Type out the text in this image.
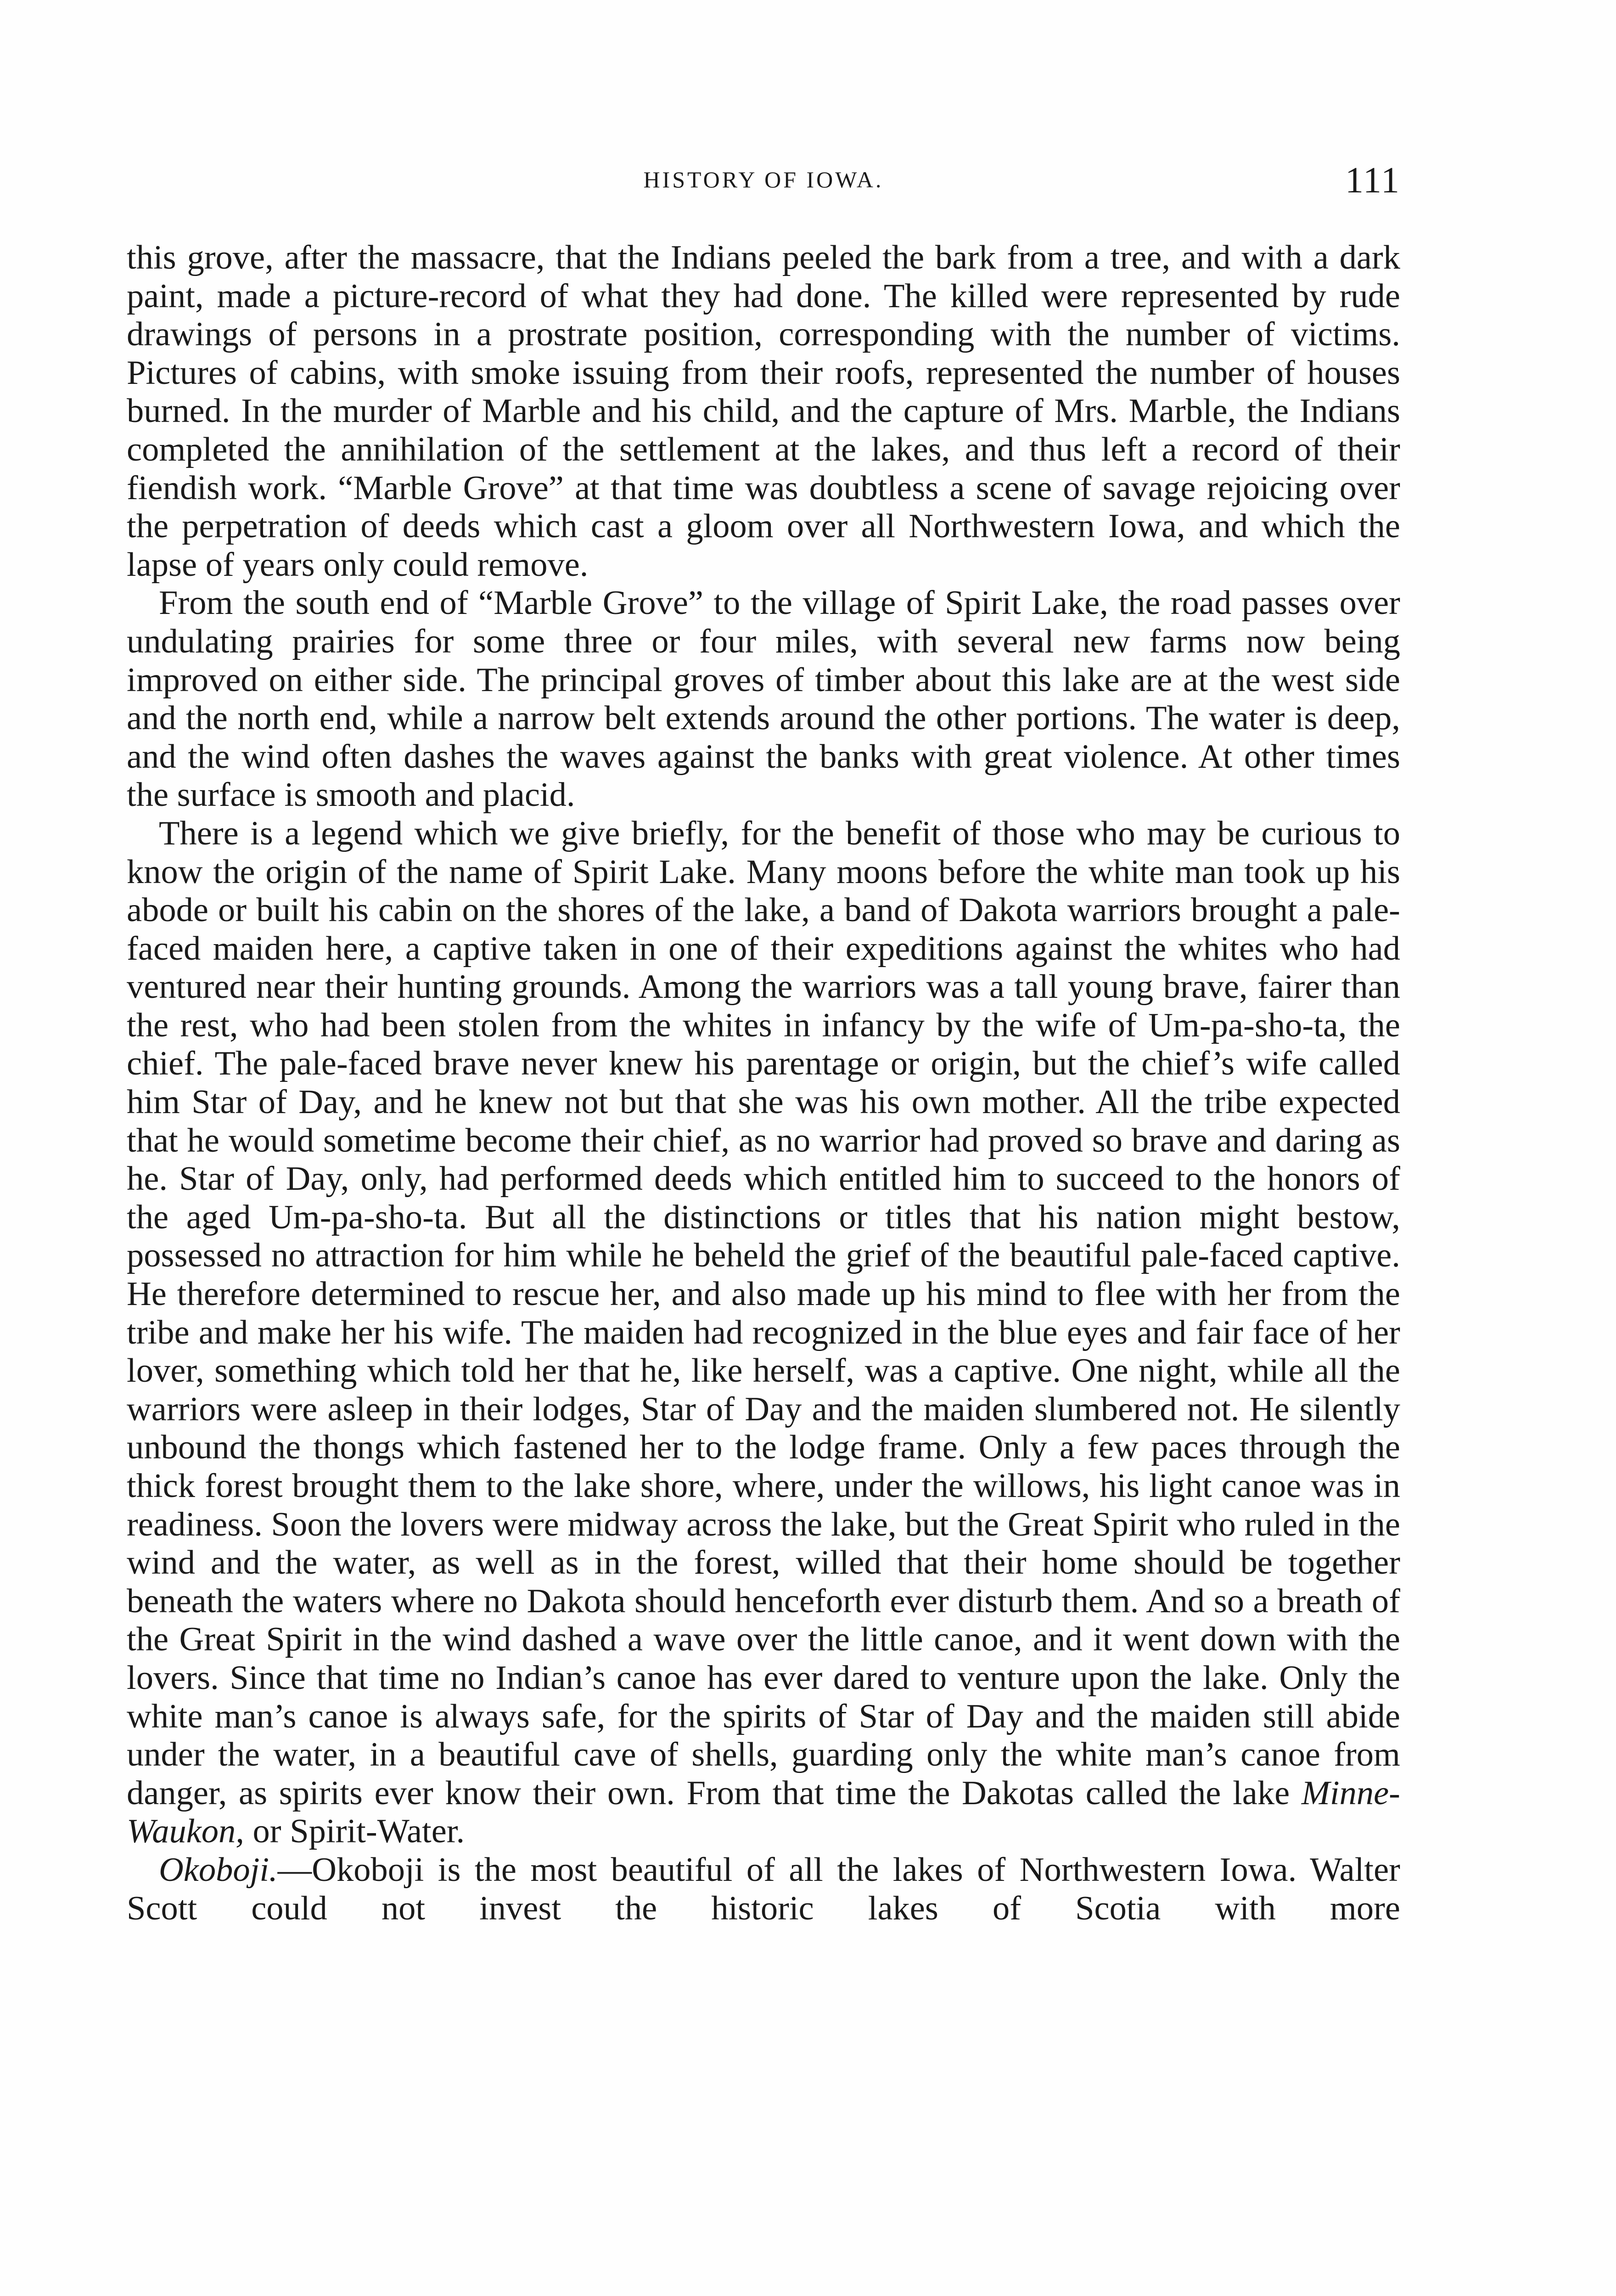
HISTORY OF IOWA.	111

this grove, after the massacre, that the Indians peeled the bark from a tree, and with a dark paint, made a picture-record of what they had done. The killed were represented by rude drawings of persons in a prostrate position, corresponding with the number of victims. Pictures of cabins, with smoke issuing from their roofs, represented the number of houses burned. In the murder of Marble and his child, and the capture of Mrs. Marble, the Indians completed the annihilation of the settlement at the lakes, and thus left a record of their fiendish work. “Marble Grove” at that time was doubtless a scene of savage rejoicing over the perpetration of deeds which cast a gloom over all Northwestern Iowa, and which the lapse of years only could remove.

From the south end of “Marble Grove” to the village of Spirit Lake, the road passes over undulating prairies for some three or four miles, with several new farms now being improved on either side. The principal groves of timber about this lake are at the west side and the north end, while a narrow belt extends around the other portions. The water is deep, and the wind often dashes the waves against the banks with great violence. At other times the surface is smooth and placid.

There is a legend which we give briefly, for the benefit of those who may be curious to know the origin of the name of Spirit Lake. Many moons before the white man took up his abode or built his cabin on the shores of the lake, a band of Dakota warriors brought a pale-faced maiden here, a captive taken in one of their expeditions against the whites who had ventured near their hunting grounds. Among the warriors was a tall young brave, fairer than the rest, who had been stolen from the whites in infancy by the wife of Um-pa-sho-ta, the chief. The pale-faced brave never knew his parentage or origin, but the chief’s wife called him Star of Day, and he knew not but that she was his own mother. All the tribe expected that he would sometime become their chief, as no warrior had proved so brave and daring as he. Star of Day, only, had performed deeds which entitled him to succeed to the honors of the aged Um-pa-sho-ta. But all the distinctions or titles that his nation might bestow, possessed no attraction for him while he beheld the grief of the beautiful pale-faced captive. He therefore determined to rescue her, and also made up his mind to flee with her from the tribe and make her his wife. The maiden had recognized in the blue eyes and fair face of her lover, something which told her that he, like herself, was a captive. One night, while all the warriors were asleep in their lodges, Star of Day and the maiden slumbered not. He silently unbound the thongs which fastened her to the lodge frame. Only a few paces through the thick forest brought them to the lake shore, where, under the willows, his light canoe was in readiness. Soon the lovers were midway across the lake, but the Great Spirit who ruled in the wind and the water, as well as in the forest, willed that their home should be together beneath the waters where no Dakota should henceforth ever disturb them. And so a breath of the Great Spirit in the wind dashed a wave over the little canoe, and it went down with the lovers. Since that time no Indian’s canoe has ever dared to venture upon the lake. Only the white man’s canoe is always safe, for the spirits of Star of Day and the maiden still abide under the water, in a beautiful cave of shells, guarding only the white man’s canoe from danger, as spirits ever know their own. From that time the Dakotas called the lake Minne-Waukon, or Spirit-Water.

Okoboji.—Okoboji is the most beautiful of all the lakes of Northwestern Iowa. Walter Scott could not invest the historic lakes of Scotia with more
